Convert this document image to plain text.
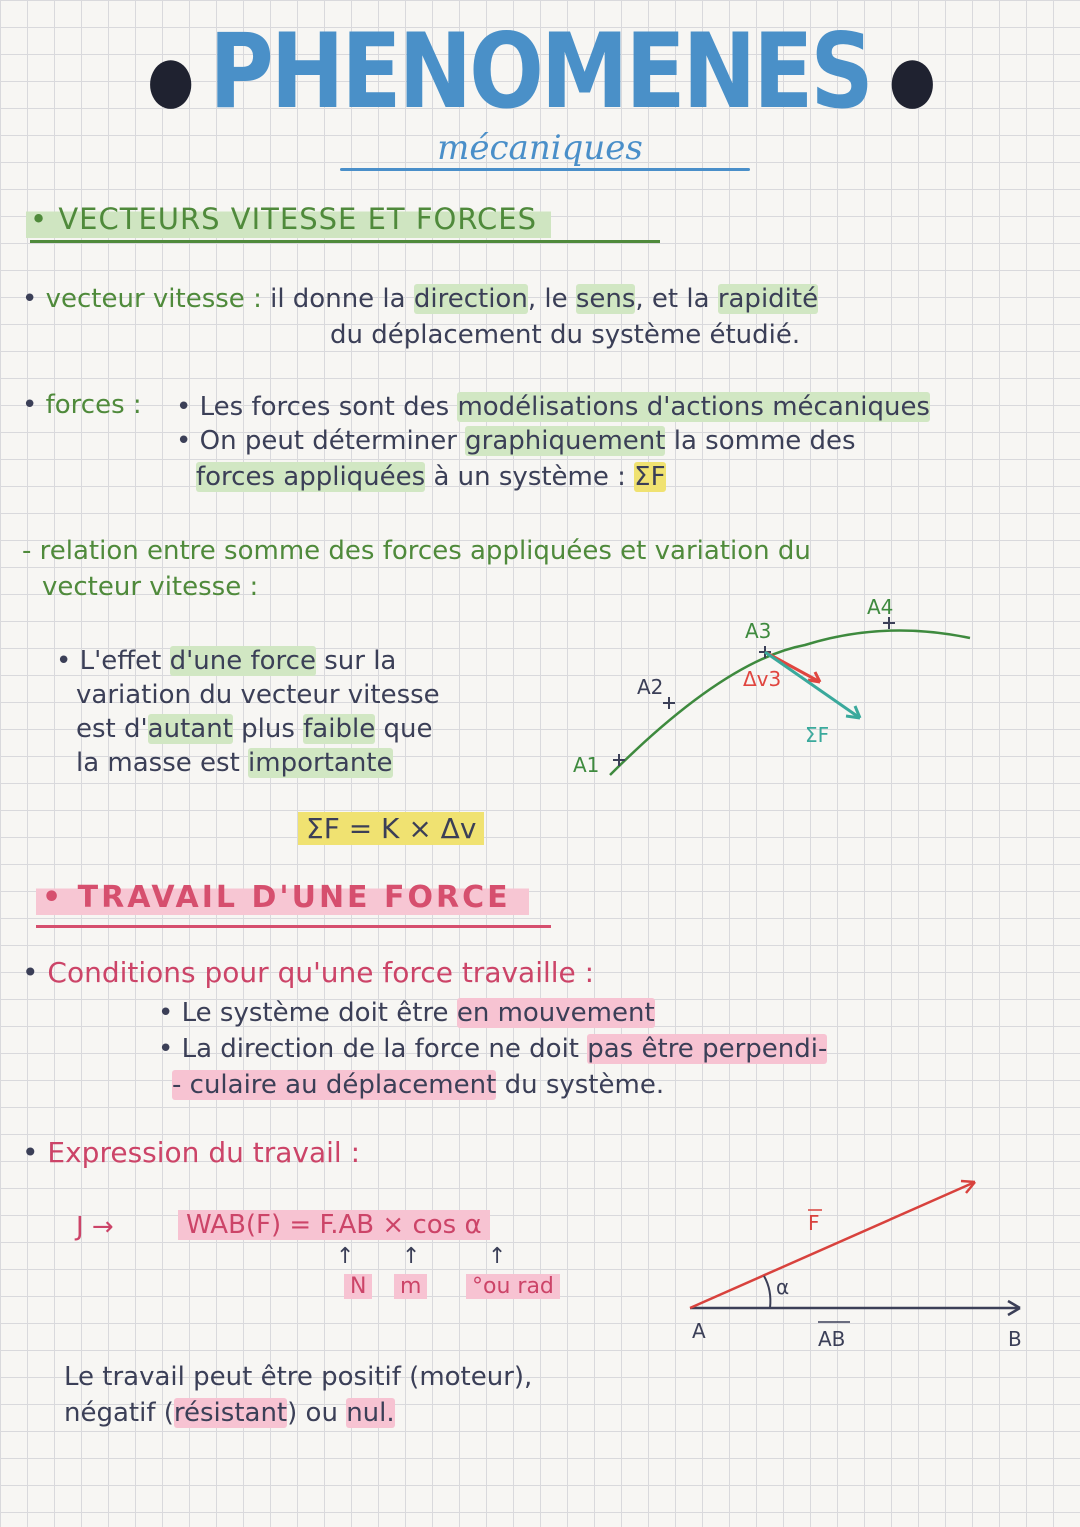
● PHENOMENES ●
mécaniques
• VECTEURS VITESSE ET FORCES
• vecteur vitesse : il donne la direction, le sens, et la rapidité
du déplacement du système étudié.
• forces : • Les forces sont des modélisations d'actions mécaniques
• On peut déterminer graphiquement la somme des
forces appliquées à un système : ΣF
- relation entre somme des forces appliquées et variation du
vecteur vitesse :
• L'effet d'une force sur la
variation du vecteur vitesse
est d'autant plus faible que
la masse est importante
ΣF = K × Δv
A1
A2
A3
A4
Δv3
ΣF
• TRAVAIL D'UNE FORCE
• Conditions pour qu'une force travaille :
• Le système doit être en mouvement
• La direction de la force ne doit pas être perpendi-
- culaire au déplacement du système.
• Expression du travail :
J →	WAB(F) = F.AB × cos α
↑ ↑	↑
N m °ou rad
Le travail peut être positif (moteur),
négatif (résistant) ou nul.
α
A	B
AB
F
